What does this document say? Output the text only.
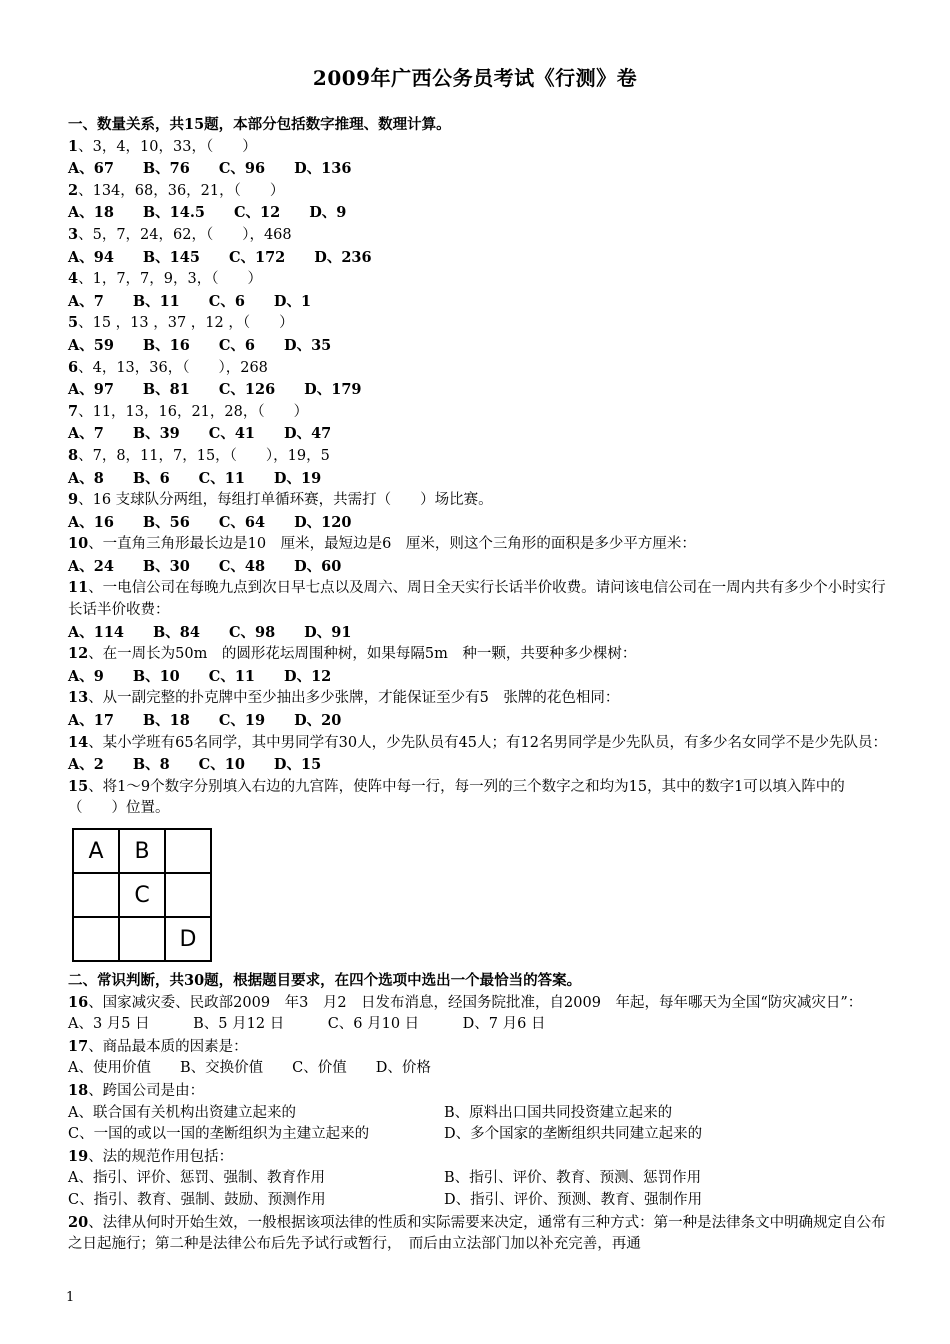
2009年广西公务员考试《行测》卷
一、数量关系，共15题，本部分包括数字推理、数理计算。
1、3，4，10，33，（　　）
A、67　　B、76　　C、96　　D、136
2、134，68，36，21，（　　）
A、18　　B、14.5　　C、12　　D、9
3、5，7，24，62，（　　），468
A、94　　B、145　　C、172　　D、236
4、1，7，7，9，3，（　　）
A、7　　B、11　　C、6　　D、1
5、15 ，13 ，37 ，12 ，（　　）
A、59　　B、16　　C、6　　D、35
6、4，13，36，（　　），268
A、97　　B、81　　C、126　　D、179
7、11，13，16，21，28，（　　）
A、7　　B、39　　C、41　　D、47
8、7，8，11，7，15，（　　），19，5
A、8　　B、6　　C、11　　D、19
9、16 支球队分两组，每组打单循环赛，共需打（　　）场比赛。
A、16　　B、56　　C、64　　D、120
10、一直角三角形最长边是10　厘米，最短边是6　厘米，则这个三角形的面积是多少平方厘米：
A、24　　B、30　　C、48　　D、60
11、一电信公司在每晚九点到次日早七点以及周六、周日全天实行长话半价收费。请问该电信公司在一周内共有多少个小时实行长话半价收费：
A、114　　B、84　　C、98　　D、91
12、在一周长为50m　的圆形花坛周围种树，如果每隔5m　种一颗，共要种多少棵树：
A、9　　B、10　　C、11　　D、12
13、从一副完整的扑克牌中至少抽出多少张牌，才能保证至少有5　张牌的花色相同：
A、17　　B、18　　C、19　　D、20
14、某小学班有65名同学，其中男同学有30人，少先队员有45人；有12名男同学是少先队员，有多少名女同学不是少先队员：
A、2　　B、8　　C、10　　D、15
15、将1～9个数字分别填入右边的九宫阵，使阵中每一行，每一列的三个数字之和均为15，其中的数字1可以填入阵中的（　　）位置。
A	B	
	C	
		D
二、常识判断，共30题，根据题目要求，在四个选项中选出一个最恰当的答案。
16、国家减灾委、民政部2009　年3　月2　日发布消息，经国务院批准，自2009　年起，每年哪天为全国“防灾减灾日”：
A、3 月5 日　　　B、5 月12 日　　　C、6 月10 日　　　D、7 月6 日
17、商品最本质的因素是：
A、使用价值　　B、交换价值　　C、价值　　D、价格
18、跨国公司是由：
A、联合国有关机构出资建立起来的	B、原料出口国共同投资建立起来的
C、一国的或以一国的垄断组织为主建立起来的	D、多个国家的垄断组织共同建立起来的
19、法的规范作用包括：
A、指引、评价、惩罚、强制、教育作用	B、指引、评价、教育、预测、惩罚作用
C、指引、教育、强制、鼓励、预测作用	D、指引、评价、预测、教育、强制作用
20、法律从何时开始生效，一般根据该项法律的性质和实际需要来决定，通常有三种方式：第一种是法律条文中明确规定自公布之日起施行；第二种是法律公布后先予试行或暂行，　而后由立法部门加以补充完善，再通
1
